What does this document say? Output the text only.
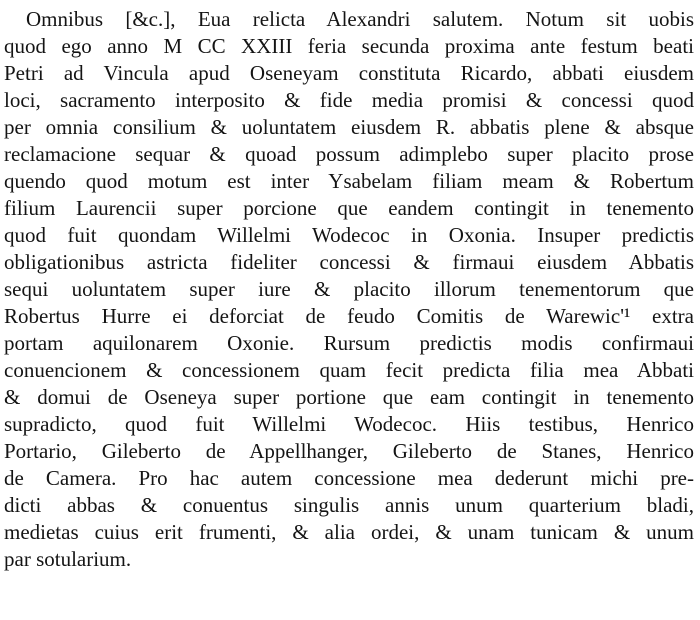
Omnibus [&c.], Eua relicta Alexandri salutem. Notum sit uobis
quod ego anno M CC XXIII feria secunda proxima ante festum beati
Petri ad Vincula apud Oseneyam constituta Ricardo, abbati eiusdem
loci, sacramento interposito & fide media promisi & concessi quod
per omnia consilium & uoluntatem eiusdem R. abbatis plene & absque
reclamacione sequar & quoad possum adimplebo super placito prose
quendo quod motum est inter Ysabelam filiam meam & Robertum
filium Laurencii super porcione que eandem contingit in tenemento
quod fuit quondam Willelmi Wodecoc in Oxonia. Insuper predictis
obligationibus astricta fideliter concessi & firmaui eiusdem Abbatis
sequi uoluntatem super iure & placito illorum tenementorum que
Robertus Hurre ei deforciat de feudo Comitis de Warewic'¹ extra
portam aquilonarem Oxonie. Rursum predictis modis confirmaui
conuencionem & concessionem quam fecit predicta filia mea Abbati
& domui de Oseneya super portione que eam contingit in tenemento
supradicto, quod fuit Willelmi Wodecoc. Hiis testibus, Henrico
Portario, Gileberto de Appellhanger, Gileberto de Stanes, Henrico
de Camera. Pro hac autem concessione mea dederunt michi pre-
dicti abbas & conuentus singulis annis unum quarterium bladi,
medietas cuius erit frumenti, & alia ordei, & unam tunicam & unum
par sotularium.
